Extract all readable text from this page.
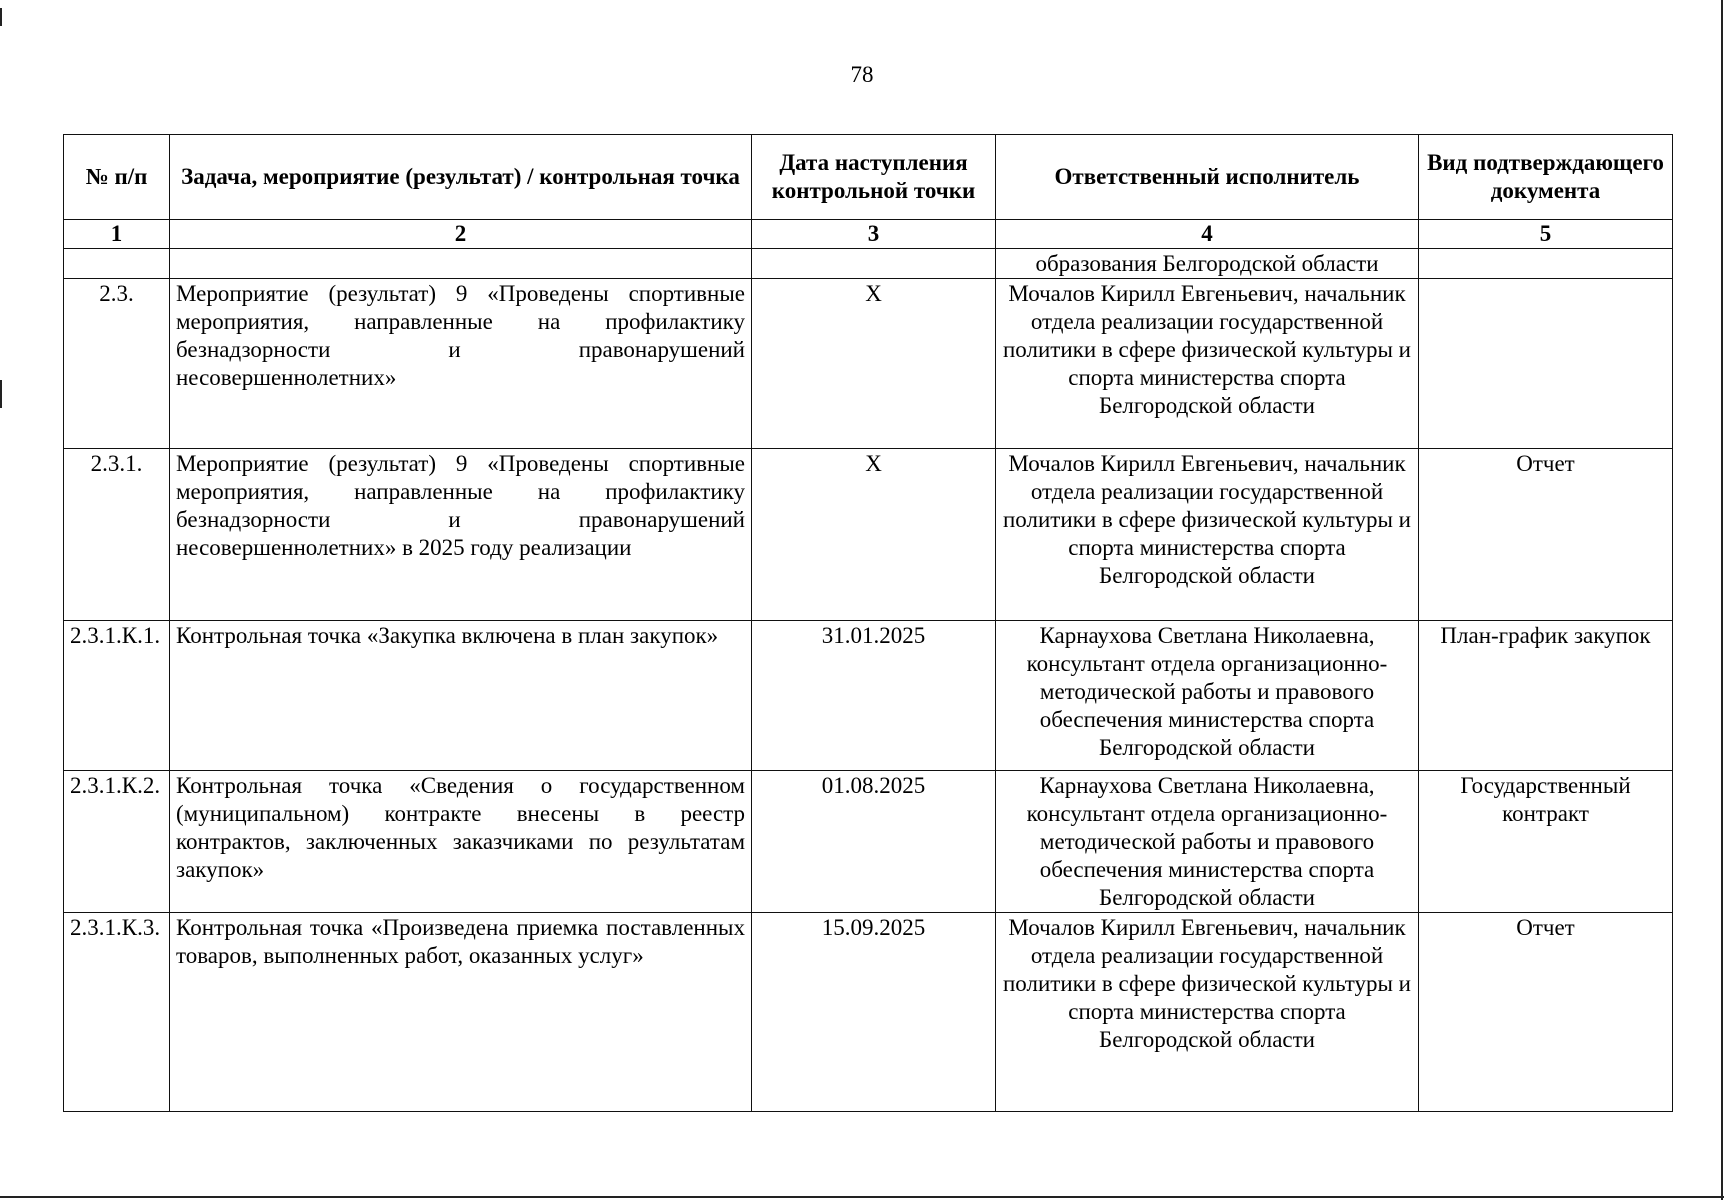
78
№ п/п	Задача, мероприятие (результат) / контрольная точка	Дата наступления контрольной точки	Ответственный исполнитель	Вид подтверждающего документа
1	2	3	4	5
			образования Белгородской области	
2.3.	Мероприятие (результат) 9 «Проведены спортивные мероприятия, направленные на профилактику безнадзорности и правонарушений несовершеннолетних»	Х	Мочалов Кирилл Евгеньевич, начальник отдела реализации государственной политики в сфере физической культуры и спорта министерства спорта Белгородской области	
2.3.1.	Мероприятие (результат) 9 «Проведены спортивные мероприятия, направленные на профилактику безнадзорности и правонарушений несовершеннолетних» в 2025 году реализации	Х	Мочалов Кирилл Евгеньевич, начальник отдела реализации государственной политики в сфере физической культуры и спорта министерства спорта Белгородской области	Отчет
2.3.1.К.1.	Контрольная точка «Закупка включена в план закупок»	31.01.2025	Карнаухова Светлана Николаевна, консультант отдела организационно-методической работы и правового обеспечения министерства спорта Белгородской области	План-график закупок
2.3.1.К.2.	Контрольная точка «Сведения о государственном (муниципальном) контракте внесены в реестр контрактов, заключенных заказчиками по результатам закупок»	01.08.2025	Карнаухова Светлана Николаевна, консультант отдела организационно-методической работы и правового обеспечения министерства спорта Белгородской области	Государственный контракт
2.3.1.К.3.	Контрольная точка «Произведена приемка поставленных товаров, выполненных работ, оказанных услуг»	15.09.2025	Мочалов Кирилл Евгеньевич, начальник отдела реализации государственной политики в сфере физической культуры и спорта министерства спорта Белгородской области	Отчет
